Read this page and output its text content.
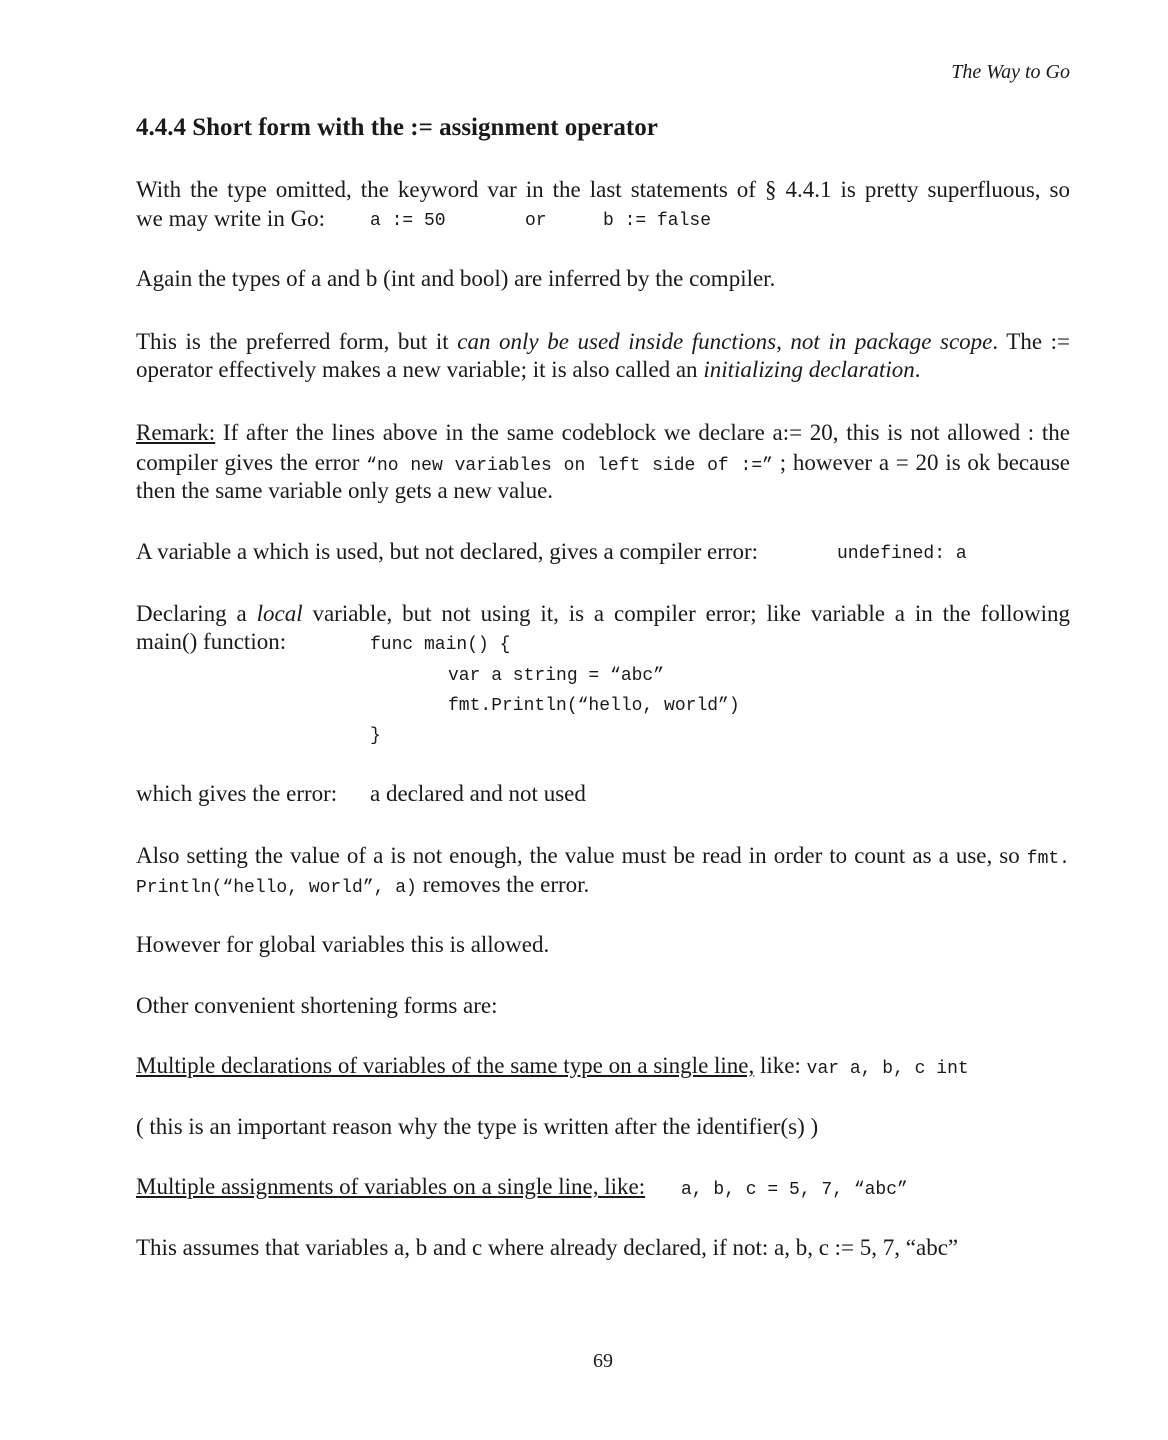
The Way to Go
4.4.4 Short form with the := assignment operator
With the type omitted, the keyword var in the last statements of § 4.4.1 is pretty superfluous, so
we may write in Go: a := 50	or	b := false
Again the types of a and b (int and bool) are inferred by the compiler.
This is the preferred form, but it can only be used inside functions, not in package scope. The :=
operator effectively makes a new variable; it is also called an initializing declaration.
Remark: If after the lines above in the same codeblock we declare a:= 20, this is not allowed : the
compiler gives the error “no new variables on left side of :=” ; however a = 20 is ok because
then the same variable only gets a new value.
A variable a which is used, but not declared, gives a compiler error:	undefined: a
Declaring a local variable, but not using it, is a compiler error; like variable a in the following
main() function:	func main() {
var a string = “abc”
fmt.Println(“hello, world”)
}
which gives the error: a declared and not used
Also setting the value of a is not enough, the value must be read in order to count as a use, so fmt.
Println(“hello, world”, a) removes the error.
However for global variables this is allowed.
Other convenient shortening forms are:
Multiple declarations of variables of the same type on a single line, like: var a, b, c int
( this is an important reason why the type is written after the identifier(s) )
Multiple assignments of variables on a single line, like: a, b, c = 5, 7, “abc”
This assumes that variables a, b and c where already declared, if not: a, b, c := 5, 7, “abc”
69
